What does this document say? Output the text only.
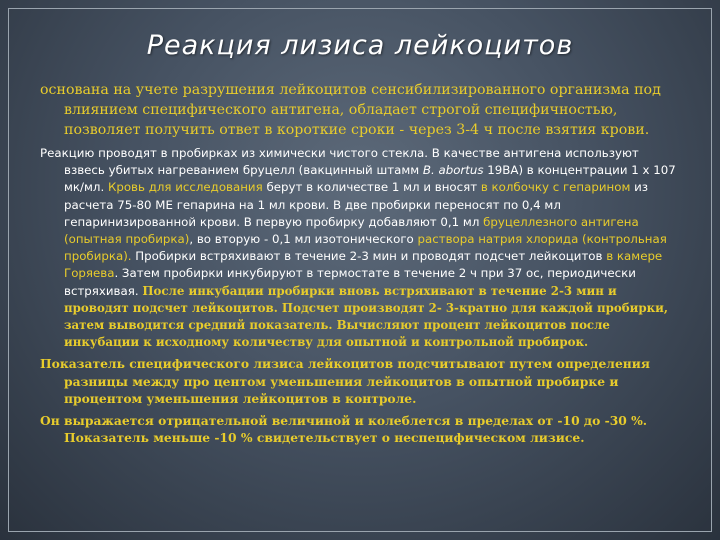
Реакция лизиса лейкоцитов

основана на учете разрушения лейкоцитов сенсибилизированного организма под влиянием специфического антигена, обладает строгой специфичностью, позволяет получить ответ в короткие сроки - через 3-4 ч после взятия крови.

Реакцию проводят в пробирках из химически чистого стекла. В качестве антигена используют взвесь убитых нагреванием бруцелл (вакцинный штамм B. abortus 19ВА) в концентрации 1 х 107 мк/мл. Кровь для исследования берут в количестве 1 мл и вносят в колбочку с гепарином из расчета 75-80 МЕ гепарина на 1 мл крови. В две пробирки переносят по 0,4 мл гепаринизированной крови. В первую пробирку добавляют 0,1 мл бруцеллезного антигена (опытная пробирка), во вторую - 0,1 мл изотонического раствора натрия хлорида (контрольная пробирка). Пробирки встряхивают в течение 2-3 мин и проводят подсчет лейкоцитов в камере Горяева. Затем пробирки инкубируют в термостате в течение 2 ч при 37 ос, периодически встряхивая. После инкубации пробирки вновь встряхивают в течение 2-3 мин и проводят подсчет лейкоцитов. Подсчет производят 2- 3-кратно для каждой пробирки, затем выводится средний показатель. Вычисляют процент лейкоцитов после инкубации к исходному количеству для опытной и контрольной пробирок.

Показатель специфического лизиса лейкоцитов подсчитывают путем определения разницы между про центом уменьшения лейкоцитов в опытной пробирке и процентом уменьшения лейкоцитов в контроле.

Он выражается отрицательной величиной и колеблется в пределах от -10 до -30 %. Показатель меньше -10 % свидетельствует о неспецифическом лизисе.
